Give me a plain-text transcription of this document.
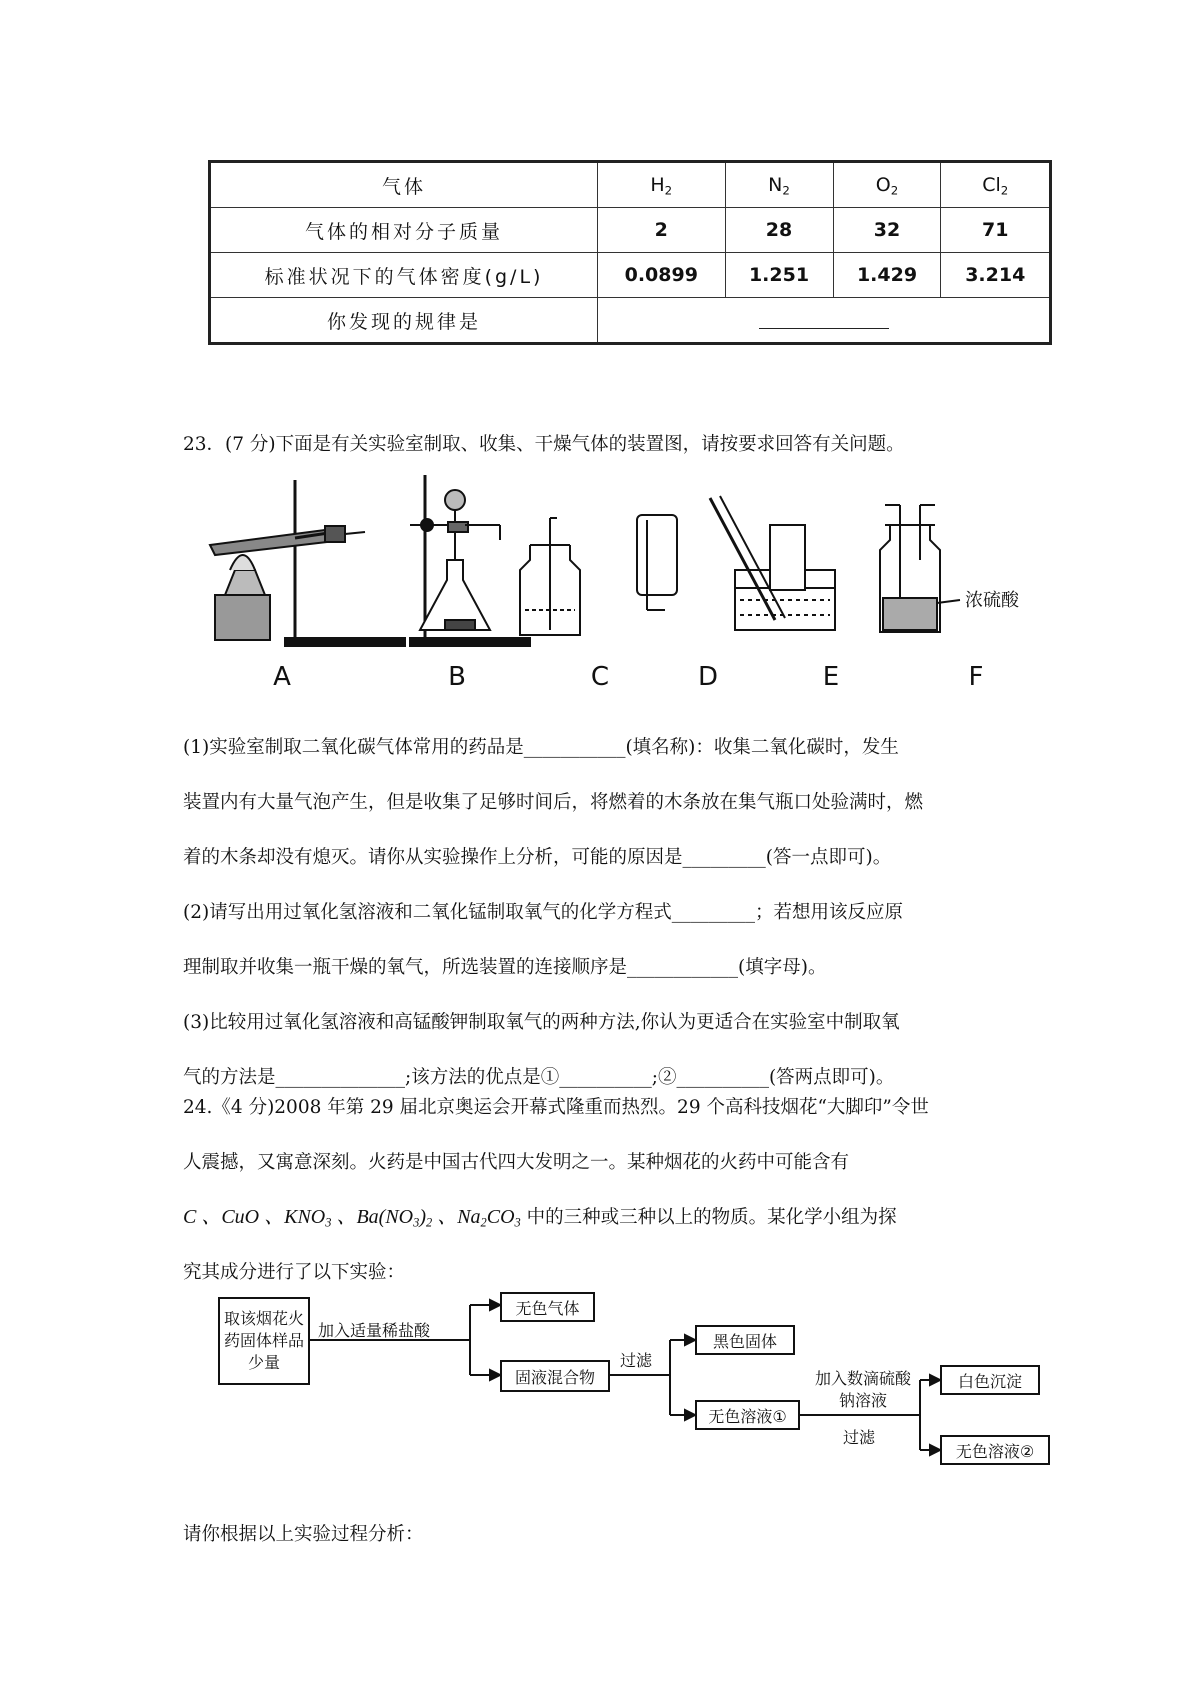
气体	$H_2$	$N_2$	$O_2$	$Cl_2$
气体的相对分子质量	2	28	32	71
标准状况下的气体密度(g/L)	0.0899	1.251	1.429	3.214
你发现的规律是				
23．(7 分)下面是有关实验室制取、收集、干燥气体的装置图，请按要求回答有关问题。
浓硫酸
A	B	C	D	E	F
(1)实验室制取二氧化碳气体常用的药品是___________(填名称)：收集二氧化碳时，发生
装置内有大量气泡产生，但是收集了足够时间后，将燃着的木条放在集气瓶口处验满时，燃
着的木条却没有熄灭。请你从实验操作上分析，可能的原因是_________(答一点即可)。
(2)请写出用过氧化氢溶液和二氧化锰制取氧气的化学方程式_________；若想用该反应原
理制取并收集一瓶干燥的氧气，所选装置的连接顺序是____________(填字母)。
(3)比较用过氧化氢溶液和高锰酸钾制取氧气的两种方法,你认为更适合在实验室中制取氧
气的方法是______________;该方法的优点是①__________;②__________(答两点即可)。
24.《4 分)2008 年第 29 届北京奥运会开幕式隆重而热烈。29 个高科技烟花“大脚印”令世
人震撼，又寓意深刻。火药是中国古代四大发明之一。某种烟花的火药中可能含有
C 、CuO 、$KNO_3$ 、$Ba(NO_3)_2$ 、$Na_2CO_3$ 中的三种或三种以上的物质。某化学小组为探
究其成分进行了以下实验：
取该烟花火药固体样品少量
加入适量稀盐酸
无色气体
固液混合物
过滤
黑色固体
无色溶液①
加入数滴硫酸钠溶液
过滤
白色沉淀
无色溶液②
请你根据以上实验过程分析：
